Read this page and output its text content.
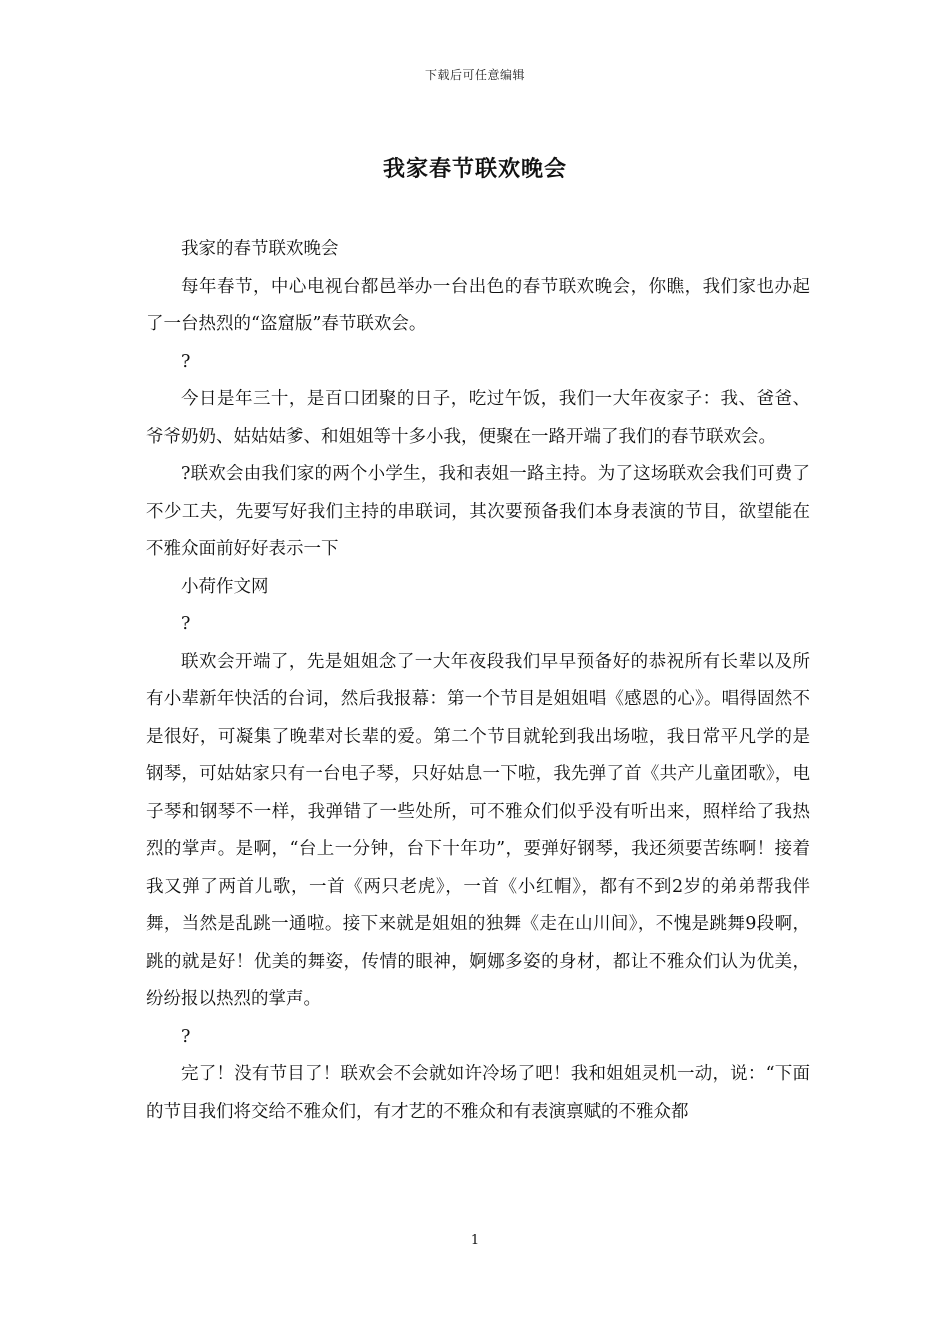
下载后可任意编辑
我家春节联欢晚会

我家的春节联欢晚会

每年春节，中心电视台都邑举办一台出色的春节联欢晚会，你瞧，我们家也办起了一台热烈的“盗窟版”春节联欢会。

?

今日是年三十，是百口团聚的日子，吃过午饭，我们一大年夜家子：我、爸爸、爷爷奶奶、姑姑姑爹、和姐姐等十多小我，便聚在一路开端了我们的春节联欢会。

?联欢会由我们家的两个小学生，我和表姐一路主持。为了这场联欢会我们可费了不少工夫，先要写好我们主持的串联词，其次要预备我们本身表演的节目，欲望能在不雅众面前好好表示一下

小荷作文网

?

联欢会开端了，先是姐姐念了一大年夜段我们早早预备好的恭祝所有长辈以及所有小辈新年快活的台词，然后我报幕：第一个节目是姐姐唱《感恩的心》。唱得固然不是很好，可凝集了晚辈对长辈的爱。第二个节目就轮到我出场啦，我日常平凡学的是钢琴，可姑姑家只有一台电子琴，只好姑息一下啦，我先弹了首《共产儿童团歌》，电子琴和钢琴不一样，我弹错了一些处所，可不雅众们似乎没有听出来，照样给了我热烈的掌声。是啊，“台上一分钟，台下十年功”，要弹好钢琴，我还须要苦练啊！接着我又弹了两首儿歌，一首《两只老虎》，一首《小红帽》，都有不到2岁的弟弟帮我伴舞，当然是乱跳一通啦。接下来就是姐姐的独舞《走在山川间》，不愧是跳舞9段啊，跳的就是好！优美的舞姿，传情的眼神，婀娜多姿的身材，都让不雅众们认为优美，纷纷报以热烈的掌声。

?

完了！没有节目了！联欢会不会就如许冷场了吧！我和姐姐灵机一动，说：“下面的节目我们将交给不雅众们，有才艺的不雅众和有表演禀赋的不雅众都

1
